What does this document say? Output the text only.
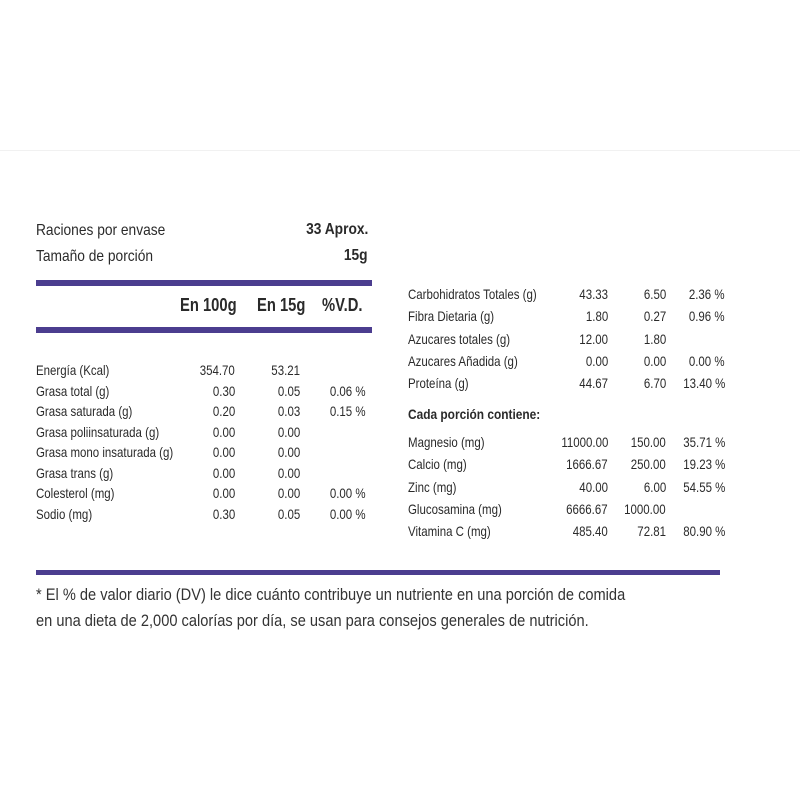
Raciones por envase	33 Aprox.
Tamaño de porción	15g
En 100g En 15g %V.D.
Energía (Kcal)	354.70	53.21
Grasa total (g)	0.30	0.05 0.06 %
Grasa saturada (g)	0.20	0.03 0.15 %
Grasa poliinsaturada (g)	0.00	0.00
Grasa mono insaturada (g)	0.00	0.00
Grasa trans (g)	0.00	0.00
Colesterol (mg)	0.00	0.00 0.00 %
Sodio (mg)	0.30	0.05 0.00 %
Carbohidratos Totales (g)	43.33	6.50 2.36 %
Fibra Dietaria (g)	1.80	0.27 0.96 %
Azucares totales (g)	12.00	1.80
Azucares Añadida (g)	0.00	0.00 0.00 %
Proteína (g)	44.67	6.70 13.40 %
Cada porción contiene:
Magnesio (mg)	11000.00 150.00 35.71 %
Calcio (mg)	1666.67 250.00 19.23 %
Zinc (mg)	40.00	6.00 54.55 %
Glucosamina (mg)	6666.67 1000.00
Vitamina C (mg)	485.40 72.81 80.90 %
* El % de valor diario (DV) le dice cuánto contribuye un nutriente en una porción de comida
en una dieta de 2,000 calorías por día, se usan para consejos generales de nutrición.
